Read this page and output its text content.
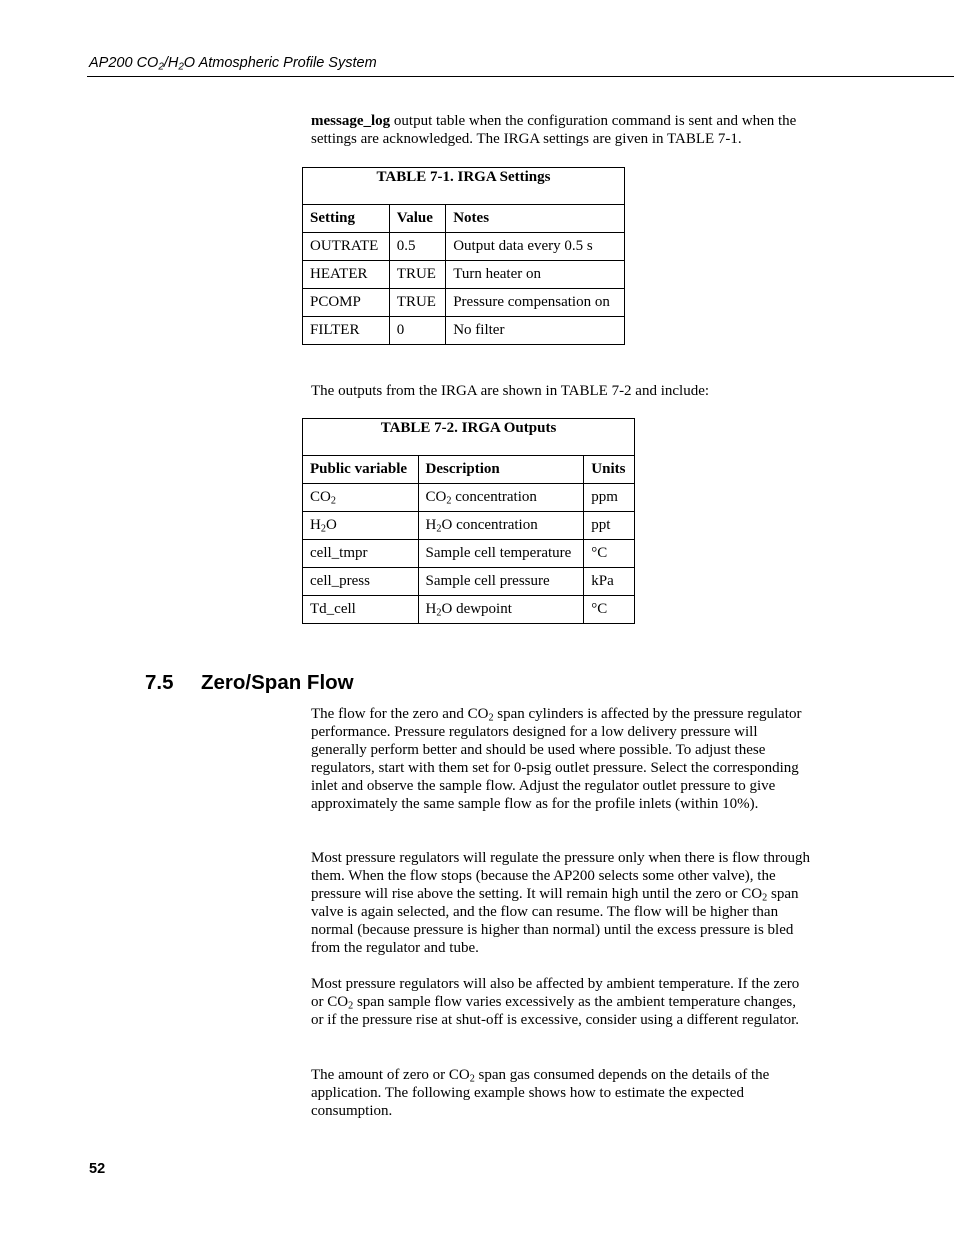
AP200 $CO_2/H_2O$ Atmospheric Profile System

message_log output table when the configuration command is sent and when the settings are acknowledged. The IRGA settings are given in TABLE 7-1.

TABLE 7-1. IRGA Settings		
Setting	Value	Notes
OUTRATE	0.5	Output data every 0.5 s
HEATER	TRUE	Turn heater on
PCOMP	TRUE	Pressure compensation on
FILTER	0	No filter

The outputs from the IRGA are shown in TABLE 7-2 and include:

TABLE 7-2. IRGA Outputs		
Public variable	Description	Units
$CO_2$	$CO_2$ concentration	ppm
$H_2O$	$H_2O$ concentration	ppt
cell_tmpr	Sample cell temperature	°C
cell_press	Sample cell pressure	kPa
Td_cell	$H_2O$ dewpoint	°C
7.5 Zero/Span Flow

The flow for the zero and $CO_2$ span cylinders is affected by the pressure regulator performance. Pressure regulators designed for a low delivery pressure will generally perform better and should be used where possible. To adjust these regulators, start with them set for 0-psig outlet pressure. Select the corresponding inlet and observe the sample flow. Adjust the regulator outlet pressure to give approximately the same sample flow as for the profile inlets (within 10%).

Most pressure regulators will regulate the pressure only when there is flow through them. When the flow stops (because the AP200 selects some other valve), the pressure will rise above the setting. It will remain high until the zero or $CO_2$ span valve is again selected, and the flow can resume. The flow will be higher than normal (because pressure is higher than normal) until the excess pressure is bled from the regulator and tube.

Most pressure regulators will also be affected by ambient temperature. If the zero or $CO_2$ span sample flow varies excessively as the ambient temperature changes, or if the pressure rise at shut-off is excessive, consider using a different regulator.

The amount of zero or $CO_2$ span gas consumed depends on the details of the application. The following example shows how to estimate the expected consumption.

52
